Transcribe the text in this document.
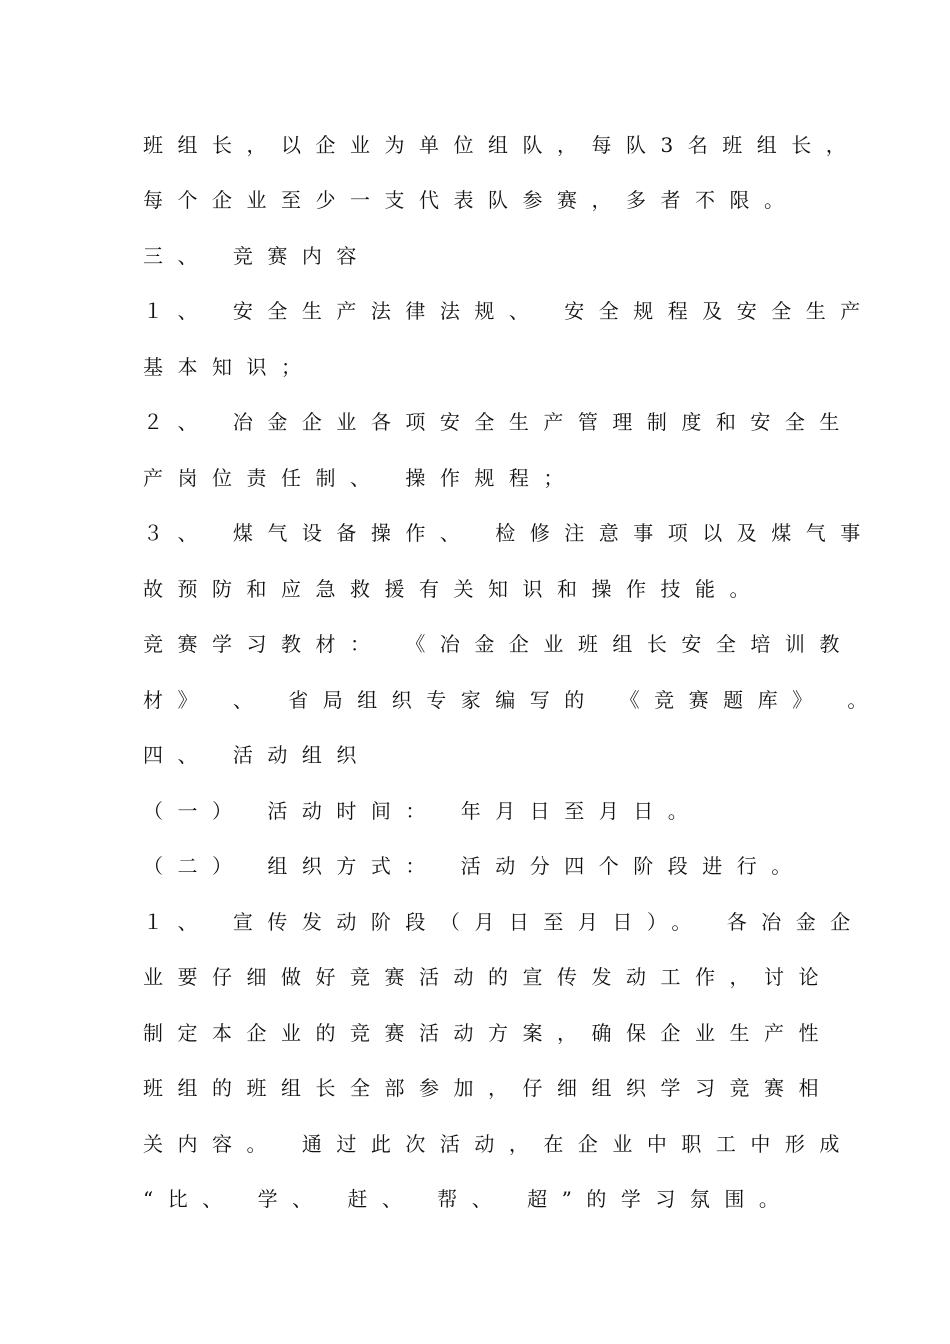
班组长，以企业为单位组队，每队3名班组长，
每个企业至少一支代表队参赛，多者不限。
三、 竞赛内容
１、 安全生产法律法规、 安全规程及安全生产
基本知识；
２、 冶金企业各项安全生产管理制度和安全生
产岗位责任制、 操作规程；
３、 煤气设备操作、 检修注意事项以及煤气事
故预防和应急救援有关知识和操作技能。
竞赛学习教材： 《冶金企业班组长安全培训教
材》 、 省局组织专家编写的 《竞赛题库》 。
四、 活动组织
（一） 活动时间： 年月日至月日。
（二） 组织方式： 活动分四个阶段进行。
１、 宣传发动阶段（月日至月日）。 各冶金企
业要仔细做好竞赛活动的宣传发动工作，讨论
制定本企业的竞赛活动方案，确保企业生产性
班组的班组长全部参加，仔细组织学习竞赛相
关内容。 通过此次活动，在企业中职工中形成
“比、 学、 赶、 帮、 超”的学习氛围。
